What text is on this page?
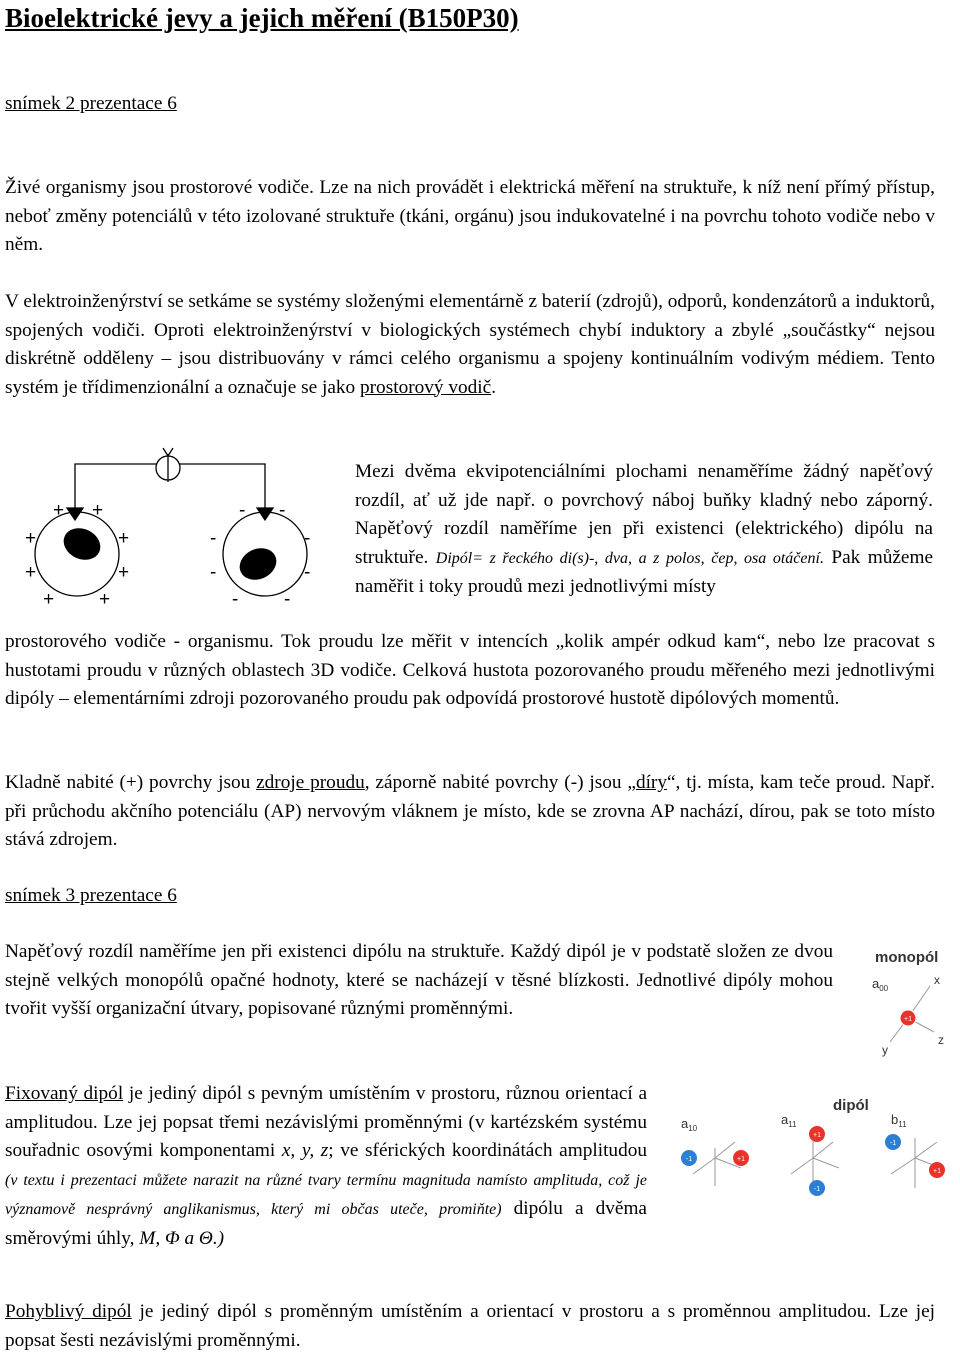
Bioelektrické jevy a jejich měření (B150P30)

snímek 2 prezentace 6

Živé organismy jsou prostorové vodiče. Lze na nich provádět i elektrická měření na struktuře, k níž není přímý přístup, neboť změny potenciálů v této izolované struktuře (tkáni, orgánu) jsou indukovatelné i na povrchu tohoto vodiče nebo v něm.

V elektroinženýrství se setkáme se systémy složenými elementárně z baterií (zdrojů), odporů, kondenzátorů a induktorů, spojených vodiči. Oproti elektroinženýrství v biologických systémech chybí induktory a zbylé „součástky“ nejsou diskrétně odděleny – jsou distribuovány v rámci celého organismu a spojeny kontinuálním vodivým médiem. Tento systém je třídimenzionální a označuje se jako prostorový vodič.

+ +
+	+
+	+
+ +
- -
-	-
-	-
- -

Mezi dvěma ekvipotenciálními plochami nenaměříme žádný napěťový rozdíl, ať už jde např. o povrchový náboj buňky kladný nebo záporný. Napěťový rozdíl naměříme jen při existenci (elektrického) dipólu na struktuře. Dipól= z řeckého di(s)-, dva, a z polos, čep, osa otáčení. Pak můžeme naměřit i toky proudů mezi jednotlivými místy

prostorového vodiče - organismu. Tok proudu lze měřit v intencích „kolik ampér odkud kam“, nebo lze pracovat s hustotami proudu v různých oblastech 3D vodiče. Celková hustota pozorovaného proudu měřeného mezi jednotlivými dipóly – elementárními zdroji pozorovaného proudu pak odpovídá prostorové hustotě dipólových momentů.

Kladně nabité (+) povrchy jsou zdroje proudu, záporně nabité povrchy (-) jsou „díry“, tj. místa, kam teče proud. Např. při průchodu akčního potenciálu (AP) nervovým vláknem je místo, kde se zrovna AP nachází, dírou, pak se toto místo stává zdrojem.

snímek 3 prezentace 6

Napěťový rozdíl naměříme jen při existenci dipólu na struktuře. Každý dipól je v podstatě složen ze dvou stejně velkých monopólů opačné hodnoty, které se nacházejí v těsné blízkosti. Jednotlivé dipóly mohou tvořit vyšší organizační útvary, popisované různými proměnnými.

monopól
$a_{00}$
x
z
y
+1

Fixovaný dipól je jediný dipól s pevným umístěním v prostoru, různou orientací a amplitudou. Lze jej popsat třemi nezávislými proměnnými (v kartézském systému souřadnic osovými komponentami x, y, z; ve sférických koordinátách amplitudou (v textu i prezentaci můžete narazit na různé tvary termínu magnituda namísto amplituda, což je významově nesprávný anglikanismus, který mi občas uteče, promiňte) dipólu a dvěma směrovými úhly, M, Φ a Θ.)

dipól
$a_{10}$
$a_{11}$	$b_{11}$
-1	+1
+1
-1
-1
+1

Pohyblivý dipól je jediný dipól s proměnným umístěním a orientací v prostoru a s proměnnou amplitudou. Lze jej popsat šesti nezávislými proměnnými.
